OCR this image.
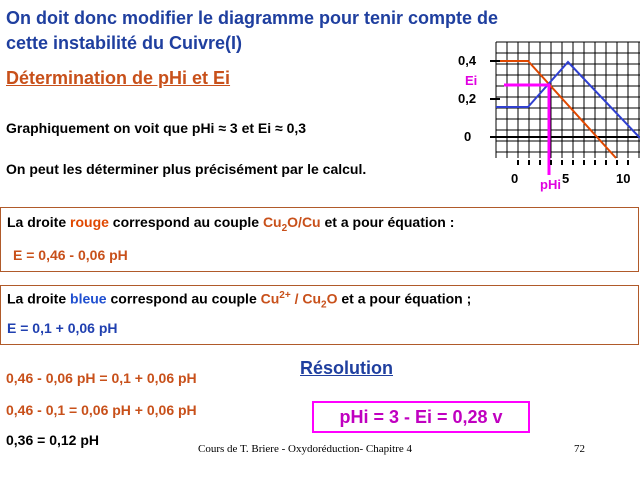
On doit donc modifier le diagramme pour tenir compte de
cette instabilité du Cuivre(I)
Détermination de pHi et Ei
Graphiquement on voit que pHi ≈ 3 et Ei ≈ 0,3
On peut les déterminer plus précisément par le calcul.
0,4
Ei
0,2
0
0	5	10
pHi
La droite rouge correspond au couple $Cu_2O/Cu$ et a pour équation :
E = 0,46 - 0,06 pH
La droite bleue correspond au couple $Cu^{2+} / Cu_2O$ et a pour équation ;
E = 0,1 + 0,06 pH
0,46 - 0,06 pH = 0,1 + 0,06 pH
0,46 - 0,1 = 0,06 pH + 0,06 pH
0,36 = 0,12 pH
Résolution
pHi = 3 - Ei = 0,28 v
Cours de T. Briere - Oxydoréduction- Chapitre 4	72
